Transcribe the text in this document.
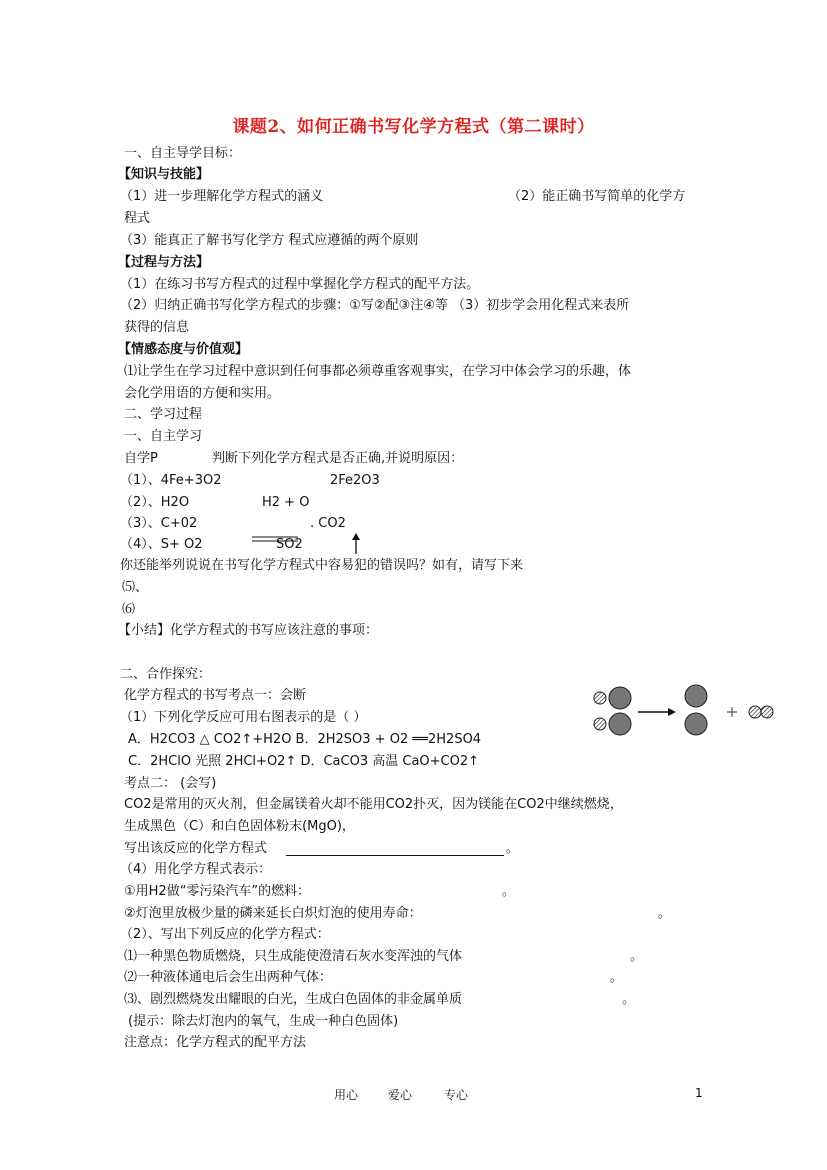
课题2、如何正确书写化学方程式（第二课时）
一、自主导学目标：
【知识与技能】
（1）进一步理解化学方程式的涵义	（2）能正确书写简单的化学方
程式
（3）能真正了解书写化学方 程式应遵循的两个原则
【过程与方法】
（1）在练习书写方程式的过程中掌握化学方程式的配平方法。
（2）归纳正确书写化学方程式的步骤：①写②配③注④等 （3）初步学会用化程式来表所
获得的信息
【情感态度与价值观】
⑴让学生在学习过程中意识到任何事都必须尊重客观事实，在学习中体会学习的乐趣，体
会化学用语的方便和实用。
二、学习过程
一、自主学习
自学P	判断下列化学方程式是否正确,并说明原因：
（1）、4Fe+3O2	2Fe2O3
（2）、H2O	H2 + O
（3）、C+02	. CO2
（4）、S+ O2	SO2
你还能举列说说在书写化学方程式中容易犯的错误吗？如有，请写下来
⑸、
⑹
【小结】化学方程式的书写应该注意的事项：
二、合作探究：
化学方程式的书写考点一：会断
（1）下列化学反应可用右图表示的是（ ）
A．H2CO3 △ CO2↑+H2O B．2H2SO3 + O2 ══2H2SO4
C．2HClO 光照 2HCl+O2↑ D．CaCO3 高温 CaO+CO2↑
考点二： (会写)
CO2是常用的灭火剂，但金属镁着火却不能用CO2扑灭，因为镁能在CO2中继续燃烧，
生成黑色（C）和白色固体粉末(MgO)，
写出该反应的化学方程式	。
（4）用化学方程式表示：
①用H2做“零污染汽车”的燃料：	。
②灯泡里放极少量的磷来延长白炽灯泡的使用寿命：	。
（2）、写出下列反应的化学方程式：
⑴一种黑色物质燃烧，只生成能使澄清石灰水变浑浊的气体	。
⑵一种液体通电后会生出两种气体：	。
⑶、剧烈燃烧发出耀眼的白光，生成白色固体的非金属单质	。
(提示：除去灯泡内的氧气，生成一种白色固体)
注意点：化学方程式的配平方法
用心 爱心	专心	1
